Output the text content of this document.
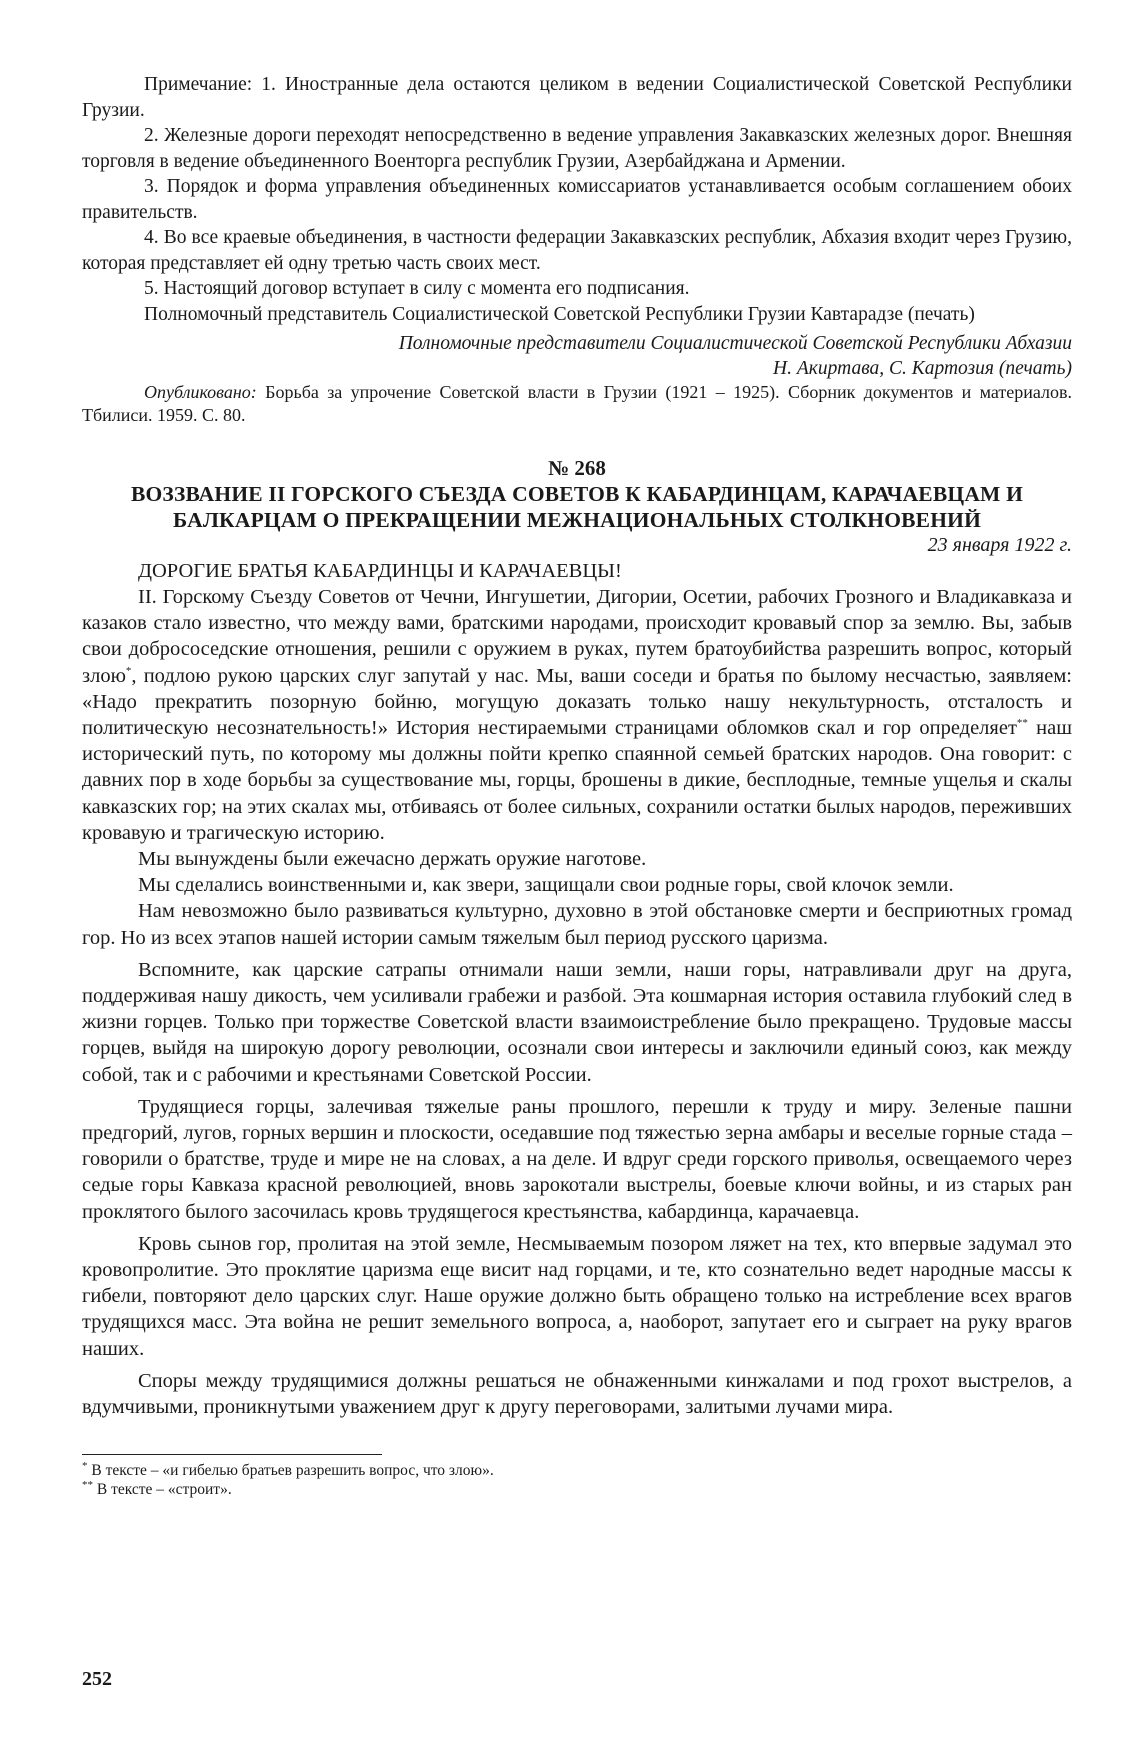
Примечание: 1. Иностранные дела остаются целиком в ведении Социалистической Советской Республики Грузии.

2. Железные дороги переходят непосредственно в ведение управления Закавказских железных дорог. Внешняя торговля в ведение объединенного Военторга республик Грузии, Азербайджана и Армении.

3. Порядок и форма управления объединенных комиссариатов устанавливается особым соглашением обоих правительств.

4. Во все краевые объединения, в частности федерации Закавказских республик, Абхазия входит через Грузию, которая представляет ей одну третью часть своих мест.

5. Настоящий договор вступает в силу с момента его подписания.

Полномочный представитель Социалистической Советской Республики Грузии Кавтарадзе (печать)

Полномочные представители Социалистической Советской Республики Абхазии
Н. Акиртава, С. Картозия (печать)

Опубликовано: Борьба за упрочение Советской власти в Грузии (1921 – 1925). Сборник документов и материалов. Тбилиси. 1959. С. 80.

№ 268
ВОЗЗВАНИЕ II ГОРСКОГО СЪЕЗДА СОВЕТОВ К КАБАРДИНЦАМ, КАРАЧАЕВЦАМ И БАЛКАРЦАМ О ПРЕКРАЩЕНИИ МЕЖНАЦИОНАЛЬНЫХ СТОЛКНОВЕНИЙ
23 января 1922 г.

ДОРОГИЕ БРАТЬЯ КАБАРДИНЦЫ И КАРАЧАЕВЦЫ!

II. Горскому Съезду Советов от Чечни, Ингушетии, Дигории, Осетии, рабочих Грозного и Владикавказа и казаков стало известно, что между вами, братскими народами, происходит кровавый спор за землю. Вы, забыв свои добрососедские отношения, решили с оружием в руках, путем братоубийства разрешить вопрос, который злою*, подлою рукою царских слуг запутай у нас. Мы, ваши соседи и братья по былому несчастью, заявляем: «Надо прекратить позорную бойню, могущую доказать только нашу некультурность, отсталость и политическую несознательность!» История нестираемыми страницами обломков скал и гор определяет** наш исторический путь, по которому мы должны пойти крепко спаянной семьей братских народов. Она говорит: с давних пор в ходе борьбы за существование мы, горцы, брошены в дикие, бесплодные, темные ущелья и скалы кавказских гор; на этих скалах мы, отбиваясь от более сильных, сохранили остатки былых народов, переживших кровавую и трагическую историю.

Мы вынуждены были ежечасно держать оружие наготове.

Мы сделались воинственными и, как звери, защищали свои родные горы, свой клочок земли.

Нам невозможно было развиваться культурно, духовно в этой обстановке смерти и бесприютных громад гор. Но из всех этапов нашей истории самым тяжелым был период русского царизма.

Вспомните, как царские сатрапы отнимали наши земли, наши горы, натравливали друг на друга, поддерживая нашу дикость, чем усиливали грабежи и разбой. Эта кошмарная история оставила глубокий след в жизни горцев. Только при торжестве Советской власти взаимоистребление было прекращено. Трудовые массы горцев, выйдя на широкую дорогу революции, осознали свои интересы и заключили единый союз, как между собой, так и с рабочими и крестьянами Советской России.

Трудящиеся горцы, залечивая тяжелые раны прошлого, перешли к труду и миру. Зеленые пашни предгорий, лугов, горных вершин и плоскости, оседавшие под тяжестью зерна амбары и веселые горные стада – говорили о братстве, труде и мире не на словах, а на деле. И вдруг среди горского приволья, освещаемого через седые горы Кавказа красной революцией, вновь зарокотали выстрелы, боевые ключи войны, и из старых ран проклятого былого засочилась кровь трудящегося крестьянства, кабардинца, карачаевца.

Кровь сынов гор, пролитая на этой земле, Несмываемым позором ляжет на тех, кто впервые задумал это кровопролитие. Это проклятие царизма еще висит над горцами, и те, кто сознательно ведет народные массы к гибели, повторяют дело царских слуг. Наше оружие должно быть обращено только на истребление всех врагов трудящихся масс. Эта война не решит земельного вопроса, а, наоборот, запутает его и сыграет на руку врагов наших.

Споры между трудящимися должны решаться не обнаженными кинжалами и под грохот выстрелов, а вдумчивыми, проникнутыми уважением друг к другу переговорами, залитыми лучами мира.

* В тексте – «и гибелью братьев разрешить вопрос, что злою».
** В тексте – «строит».
252
